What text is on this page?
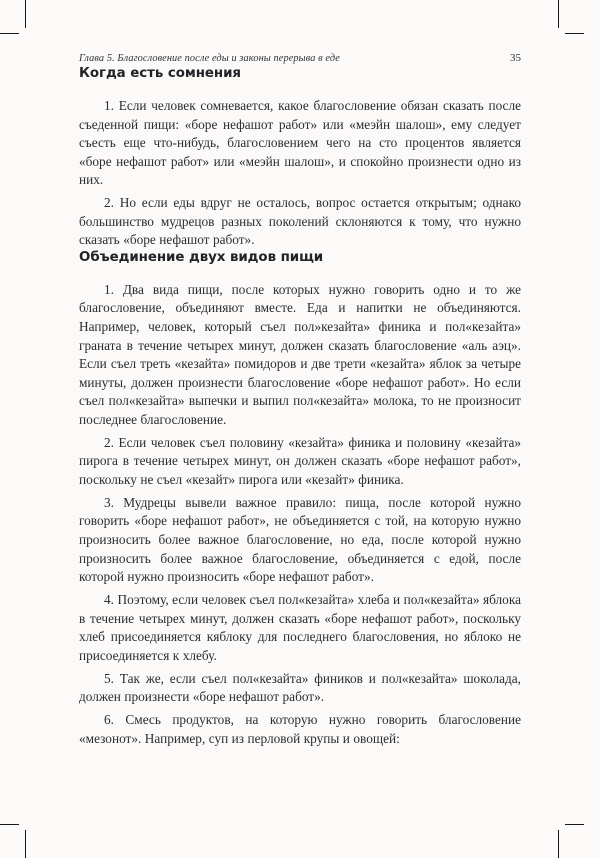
Глава 5. Благословение после еды и законы перерыва в еде	35
Когда есть сомнения

1. Если человек сомневается, какое благословение обязан сказать после съеденной пищи: «боре нефашот работ» или «меэйн шалош», ему следует съесть еще что-нибудь, благословением чего на сто процентов является «боре нефашот работ» или «меэйн шалош», и спокойно произнести одно из них.

2. Но если еды вдруг не осталось, вопрос остается открытым; однако большинство мудрецов разных поколений склоняются к тому, что нужно сказать «боре нефашот работ».

Объединение двух видов пищи

1. Два вида пищи, после которых нужно говорить одно и то же благословение, объединяют вместе. Еда и напитки не объединяются. Например, человек, который съел пол»кезайта» финика и пол«кезайта» граната в течение четырех минут, должен сказать благословение «аль аэц». Если съел треть «кезайта» помидоров и две трети «кезайта» яблок за четыре минуты, должен произнести благословение «боре нефашот работ». Но если съел пол«кезайта» выпечки и выпил пол«кезайта» молока, то не произносит последнее благословение.

2. Если человек съел половину «кезайта» финика и половину «кезайта» пирога в течение четырех минут, он должен сказать «боре нефашот работ», поскольку не съел «кезайт» пирога или «кезайт» финика.

3. Мудрецы вывели важное правило: пища, после которой нужно говорить «боре нефашот работ», не объединяется с той, на которую нужно произносить более важное благословение, но еда, после которой нужно произносить более важное благословение, объединяется с едой, после которой нужно произносить «боре нефашот работ».

4. Поэтому, если человек съел пол«кезайта» хлеба и пол«кезайта» яблока в течение четырех минут, должен сказать «боре нефашот работ», поскольку хлеб присоединяется кяблоку для последнего благословения, но яблоко не присоединяется к хлебу.

5. Так же, если съел пол«кезайта» фиников и пол«кезайта» шоколада, должен произнести «боре нефашот работ».

6. Смесь продуктов, на которую нужно говорить благословение «мезонот». Например, суп из перловой крупы и овощей:
